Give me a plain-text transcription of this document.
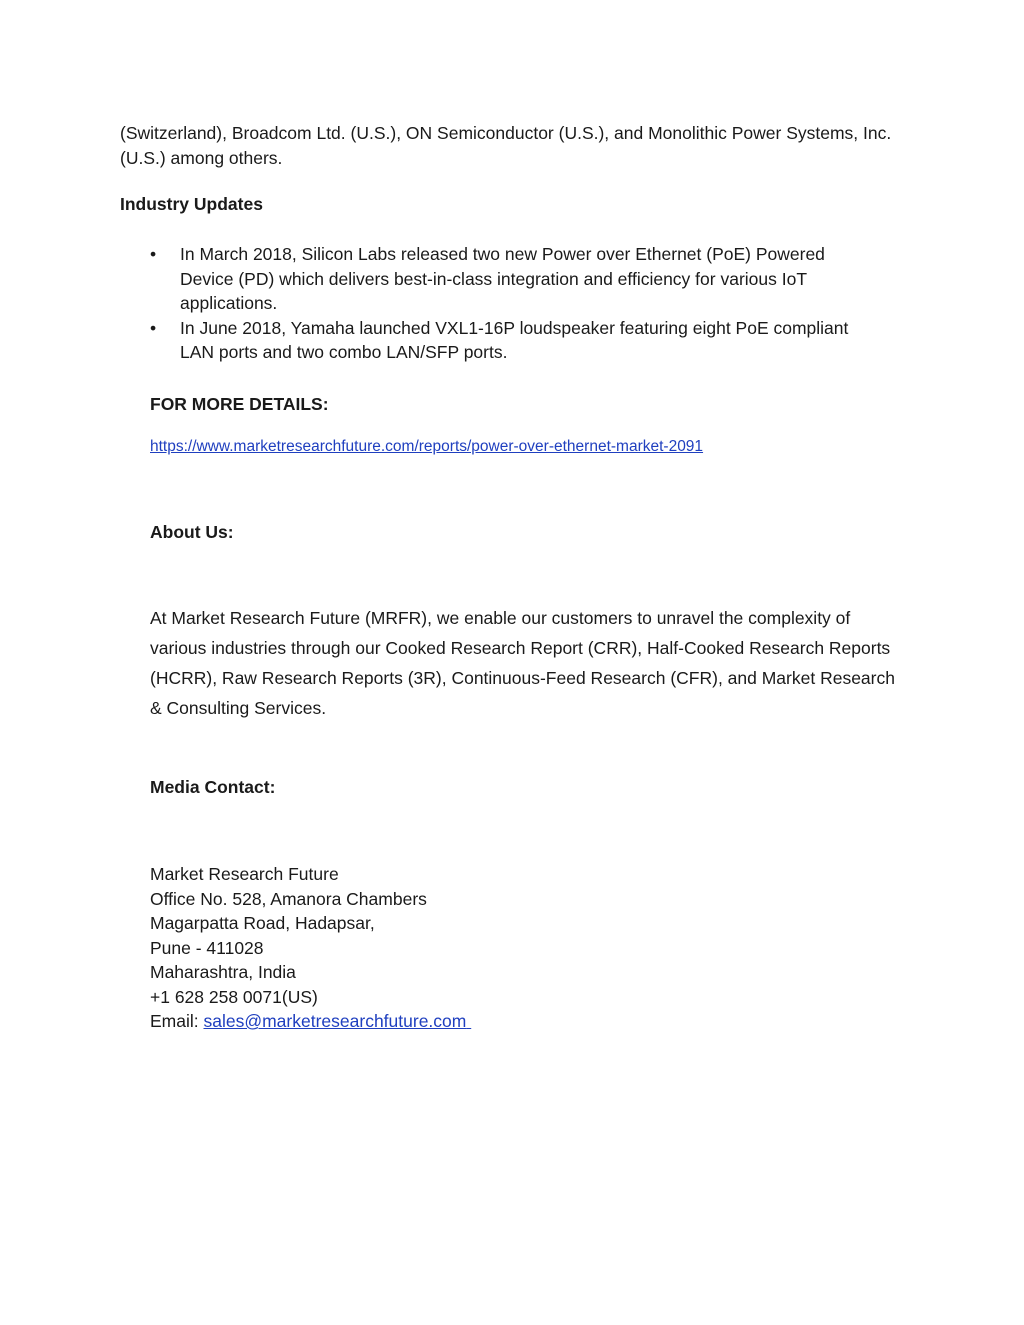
(Switzerland), Broadcom Ltd. (U.S.), ON Semiconductor (U.S.), and Monolithic Power Systems, Inc. (U.S.) among others.

Industry Updates

•	In March 2018, Silicon Labs released two new Power over Ethernet (PoE) Powered Device (PD) which delivers best-in-class integration and efficiency for various IoT applications.
•	In June 2018, Yamaha launched VXL1-16P loudspeaker featuring eight PoE compliant LAN ports and two combo LAN/SFP ports.

FOR MORE DETAILS:

https://www.marketresearchfuture.com/reports/power-over-ethernet-market-2091

About Us:

At Market Research Future (MRFR), we enable our customers to unravel the complexity of various industries through our Cooked Research Report (CRR), Half-Cooked Research Reports (HCRR), Raw Research Reports (3R), Continuous-Feed Research (CFR), and Market Research & Consulting Services.

Media Contact:

Market Research Future
Office No. 528, Amanora Chambers
Magarpatta Road, Hadapsar,
Pune - 411028
Maharashtra, India
+1 628 258 0071(US)
Email: sales@marketresearchfuture.com
